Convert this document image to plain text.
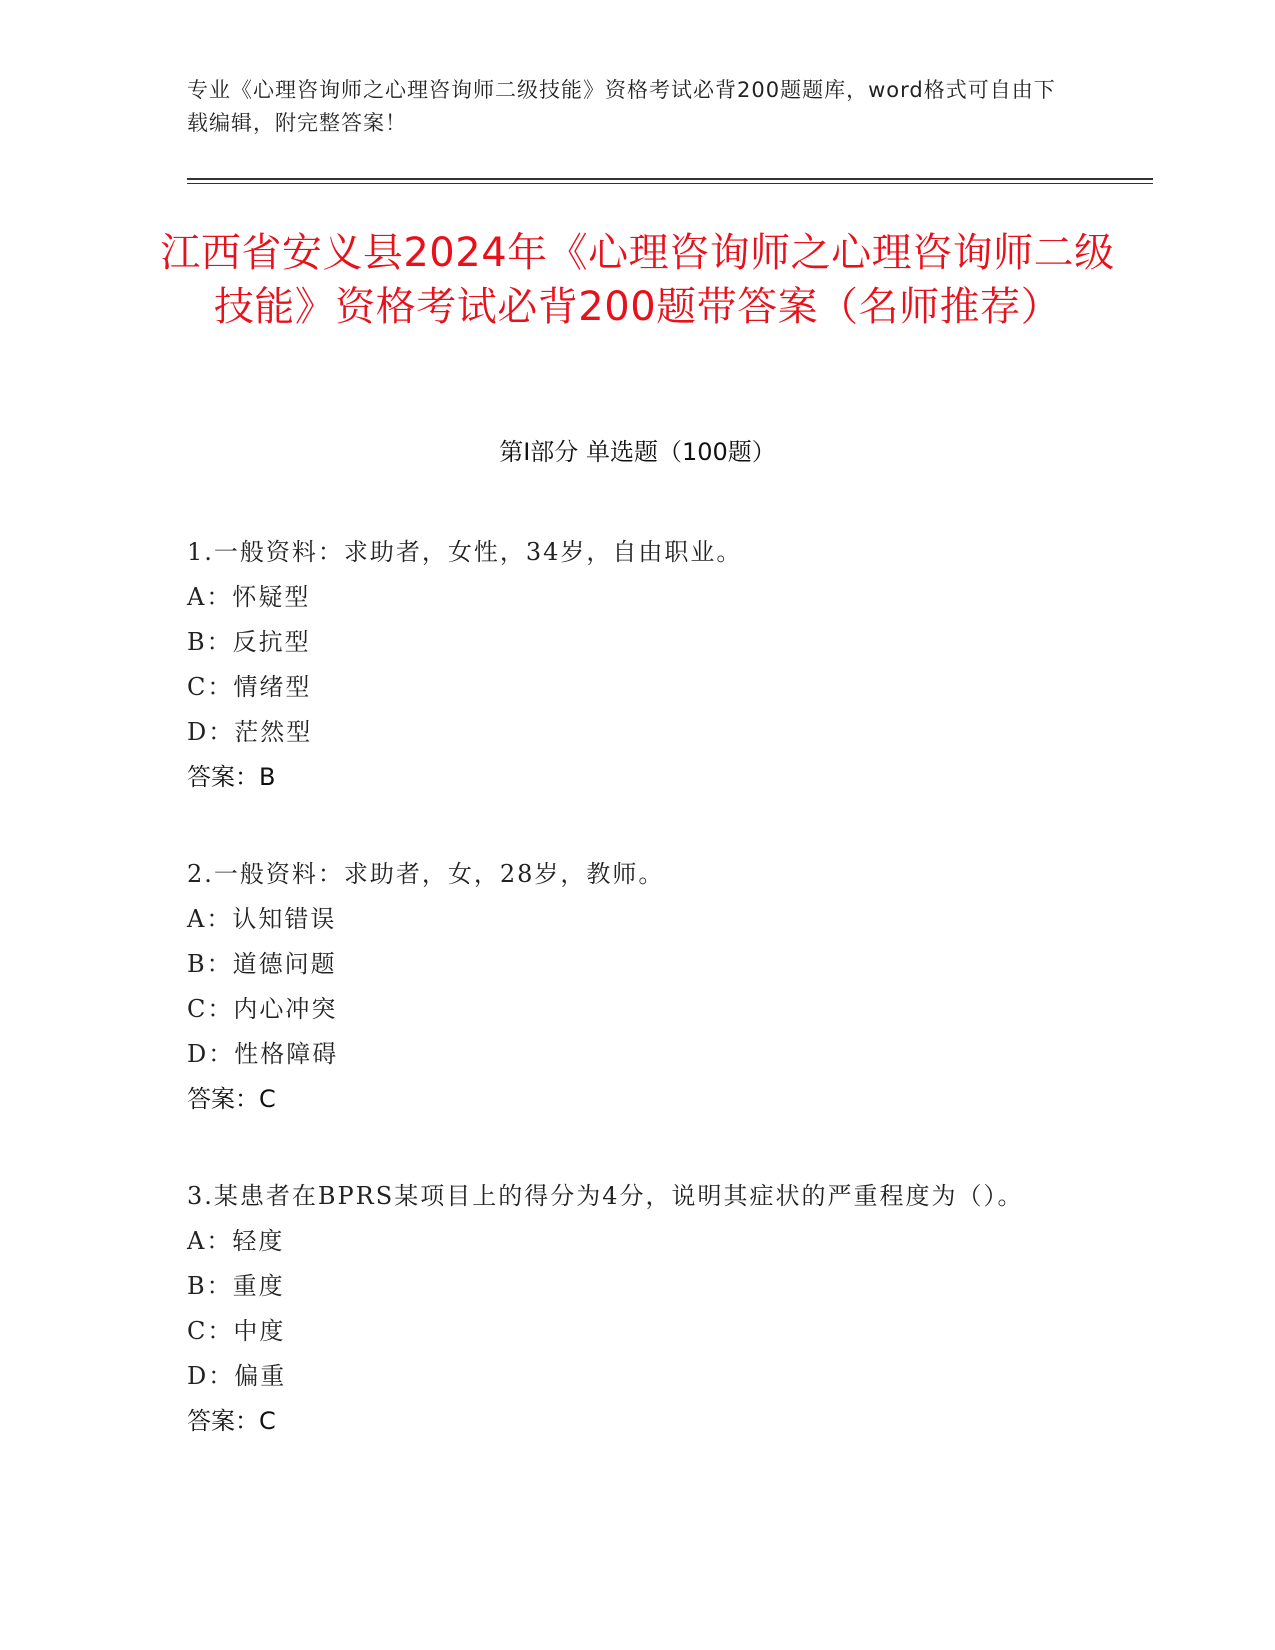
专业《心理咨询师之心理咨询师二级技能》资格考试必背200题题库，word格式可自由下载编辑，附完整答案！
江西省安义县2024年《心理咨询师之心理咨询师二级技能》资格考试必背200题带答案（名师推荐）
第Ⅰ部分 单选题（100题）
1.一般资料：求助者，女性，34岁，自由职业。
A：怀疑型
B：反抗型
C：情绪型
D：茫然型
答案：B
2.一般资料：求助者，女，28岁，教师。
A：认知错误
B：道德问题
C：内心冲突
D：性格障碍
答案：C
3.某患者在BPRS某项目上的得分为4分，说明其症状的严重程度为（）。
A：轻度
B：重度
C：中度
D：偏重
答案：C
